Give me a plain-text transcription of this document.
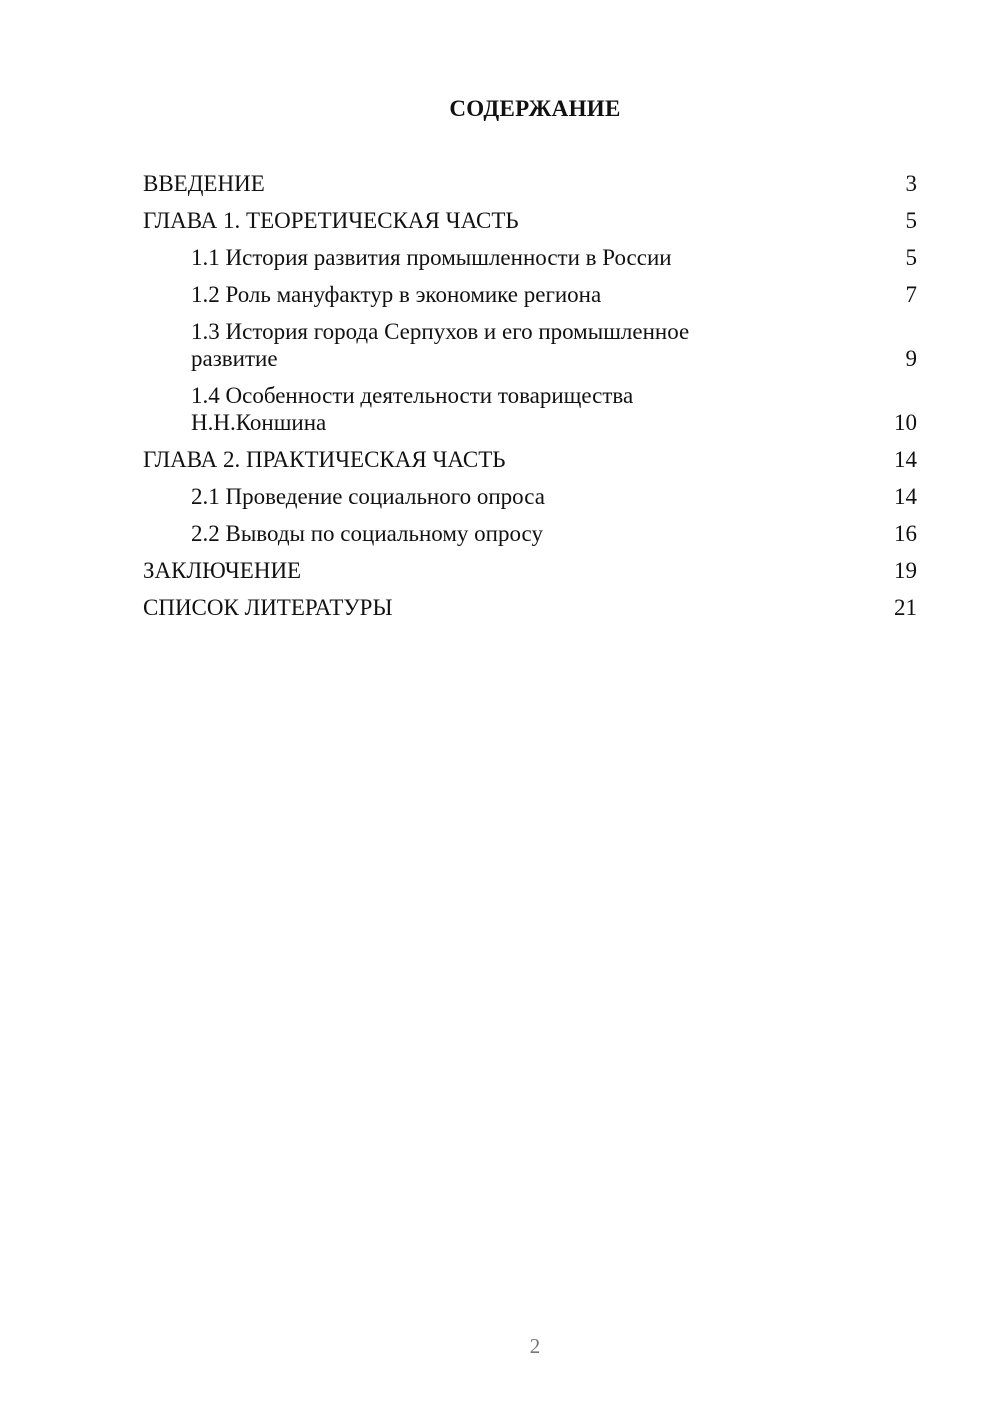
СОДЕРЖАНИЕ
ВВЕДЕНИЕ	3
ГЛАВА 1. ТЕОРЕТИЧЕСКАЯ ЧАСТЬ	5
1.1 История развития промышленности в России	5
1.2 Роль мануфактур в экономике региона	7
1.3 История города Серпухов и его промышленное развитие	9
1.4 Особенности деятельности товарищества Н.Н.Коншина	10
ГЛАВА 2. ПРАКТИЧЕСКАЯ ЧАСТЬ	14
2.1 Проведение социального опроса	14
2.2 Выводы по социальному опросу	16
ЗАКЛЮЧЕНИЕ	19
СПИСОК ЛИТЕРАТУРЫ	21
2
